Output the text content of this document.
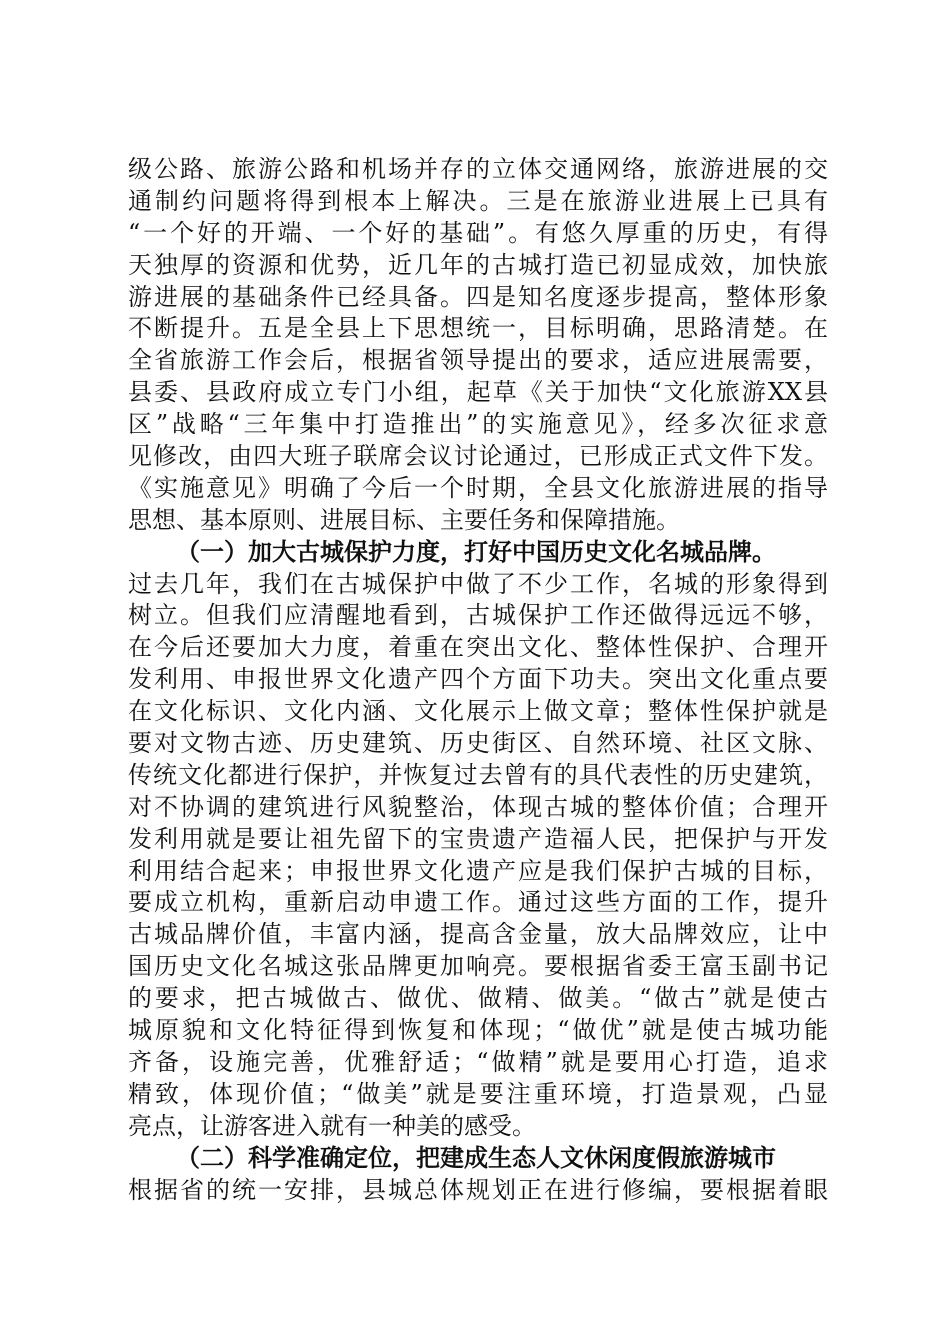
级公路、旅游公路和机场并存的立体交通网络，旅游进展的交
通制约问题将得到根本上解决。三是在旅游业进展上已具有
“一个好的开端、一个好的基础”。有悠久厚重的历史，有得
天独厚的资源和优势，近几年的古城打造已初显成效，加快旅
游进展的基础条件已经具备。四是知名度逐步提高，整体形象
不断提升。五是全县上下思想统一，目标明确，思路清楚。在
全省旅游工作会后，根据省领导提出的要求，适应进展需要，
县委、县政府成立专门小组，起草《关于加快“文化旅游XX县
区”战略“三年集中打造推出”的实施意见》，经多次征求意
见修改，由四大班子联席会议讨论通过，已形成正式文件下发。
《实施意见》明确了今后一个时期，全县文化旅游进展的指导
思想、基本原则、进展目标、主要任务和保障措施。
（一）加大古城保护力度，打好中国历史文化名城品牌。
过去几年，我们在古城保护中做了不少工作，名城的形象得到
树立。但我们应清醒地看到，古城保护工作还做得远远不够，
在今后还要加大力度，着重在突出文化、整体性保护、合理开
发利用、申报世界文化遗产四个方面下功夫。突出文化重点要
在文化标识、文化内涵、文化展示上做文章；整体性保护就是
要对文物古迹、历史建筑、历史街区、自然环境、社区文脉、
传统文化都进行保护，并恢复过去曾有的具代表性的历史建筑，
对不协调的建筑进行风貌整治，体现古城的整体价值；合理开
发利用就是要让祖先留下的宝贵遗产造福人民，把保护与开发
利用结合起来；申报世界文化遗产应是我们保护古城的目标，
要成立机构，重新启动申遗工作。通过这些方面的工作，提升
古城品牌价值，丰富内涵，提高含金量，放大品牌效应，让中
国历史文化名城这张品牌更加响亮。要根据省委王富玉副书记
的要求，把古城做古、做优、做精、做美。“做古”就是使古
城原貌和文化特征得到恢复和体现；“做优”就是使古城功能
齐备，设施完善，优雅舒适；“做精”就是要用心打造，追求
精致，体现价值；“做美”就是要注重环境，打造景观，凸显
亮点，让游客进入就有一种美的感受。
（二）科学准确定位，把建成生态人文休闲度假旅游城市
根据省的统一安排，县城总体规划正在进行修编，要根据着眼
